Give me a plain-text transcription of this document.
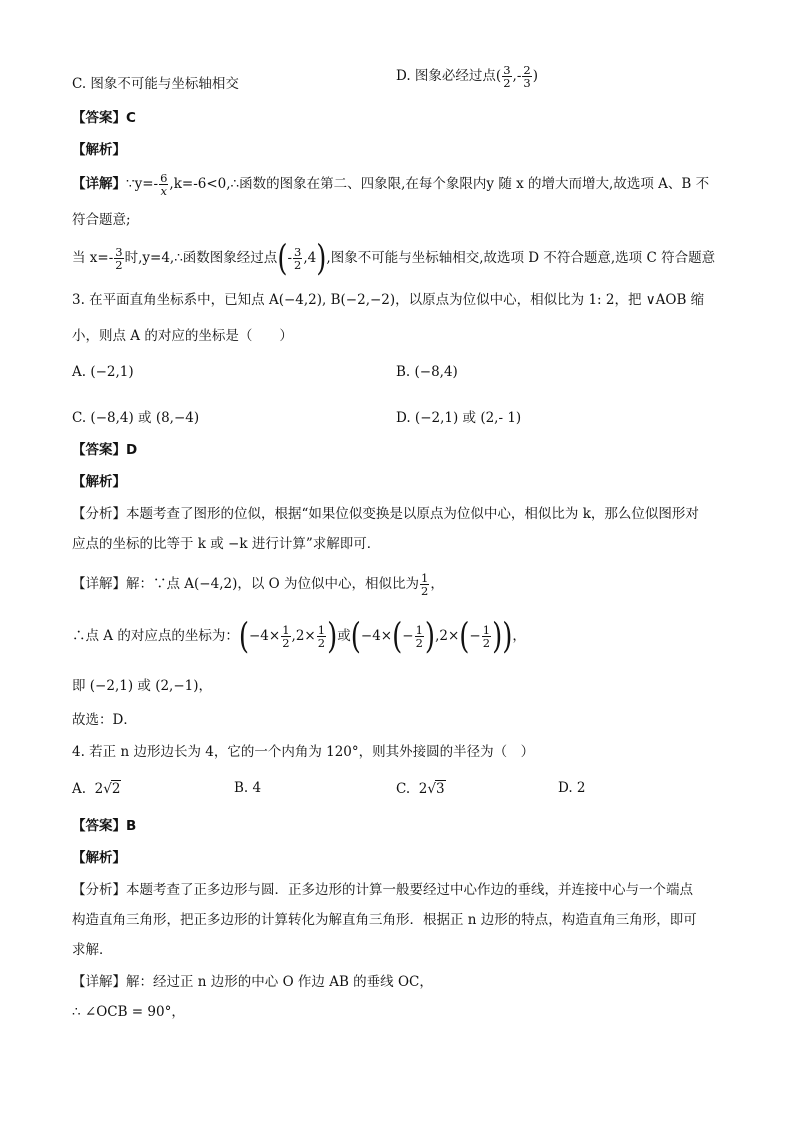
C. 图象不可能与坐标轴相交	D. 图象必经过点( $\frac{3}{2}$ ,- $\frac{2}{3}$ )
【答案】C
【解析】
【详解】∵y=- $\frac{6}{x}$ ,k=-6<0,∴函数的图象在第二、四象限,在每个象限内y 随 x 的增大而增大,故选项 A、B 不
符合题意;
当 $x=- \frac{3}{2}$ 时,y=4,∴函数图象经过点(- $\frac{3}{2} ,4$),图象不可能与坐标轴相交,故选项 D 不符合题意,选项 C 符合题意
3. 在平面直角坐标系中，已知点 A(−4,2), B(−2,−2)，以原点为位似中心，相似比为 1: 2，把 ∨AOB 缩
小，则点 A 的对应的坐标是（　　）
A. (−2,1)	B. (−8,4)
C. (−8,4) 或 (8,−4)	D. (−2,1) 或 (2,- 1)
【答案】D
【解析】
【分析】本题考查了图形的位似，根据“如果位似变换是以原点为位似中心，相似比为 k，那么位似图形对
应点的坐标的比等于 k 或 −k 进行计算”求解即可．
【详解】解：∵点 A(−4,2)，以 O 为位似中心，相似比为 $\frac{1}{2}$ ，
∴点 A 的对应点的坐标为：($-4\times \frac{1}{2} ,2\times \frac{1}{2}$ )或($-4\times(- \frac{1}{2} ),2\times(- \frac{1}{2}$ ))，
即 (−2,1) 或 (2,−1)，
故选：D．
4. 若正 n 边形边长为 4，它的一个内角为 120°，则其外接圆的半径为（　）
A. 2√2	B. 4	C. 2√3	D. 2
【答案】B
【解析】
【分析】本题考查了正多边形与圆．正多边形的计算一般要经过中心作边的垂线，并连接中心与一个端点
构造直角三角形，把正多边形的计算转化为解直角三角形．根据正 n 边形的特点，构造直角三角形，即可
求解．
【详解】解：经过正 n 边形的中心 O 作边 AB 的垂线 OC，
∴ ∠OCB = 90°，
